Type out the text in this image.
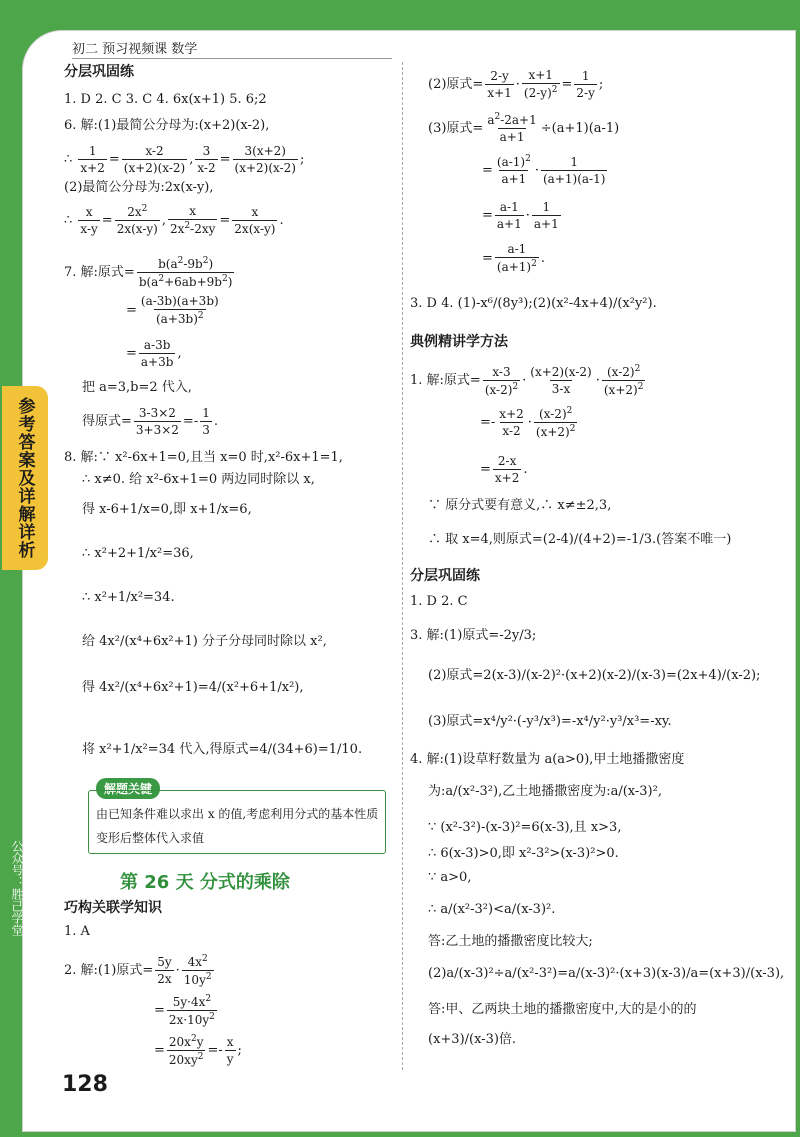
初二 预习视频课 数学
参考答案及详解详析
公众号：胜己学堂
128
分层巩固练
1. D 2. C 3. C 4. 6x(x+1) 5. 6;2
6. 解:(1)最简公分母为:(x+2)(x-2),
∴
1
x+2
=
x-2
(x+2)(x-2)
,
3
x-2
=
3(x+2)
(x+2)(x-2)
;
(2)最简公分母为:2x(x-y),
∴
x
x-y
=
$2x^2$
2x(x-y)
,
x
$2x^2-2xy$
=
x
2x(x-y)
.
7. 解:原式= $\frac{b(a^2-9b^2)}{b(a^2+6ab+9b^2)}$
=
(a-3b)(a+3b)
$(a+3b)^2$
=
a-3b
a+3b
,
把 a=3,b=2 代入,
得原式= $\frac{3-3\times 2}{3+3\times 2}$ =-
1
3
.
8. 解:∵ x²-6x+1=0,且当 x=0 时,x²-6x+1=1,
∴ x≠0. 给 x²-6x+1=0 两边同时除以 x,
得 x-6+1/x=0,即 x+1/x=6,
∴ x²+2+1/x²=36,
∴ x²+1/x²=34.
给 4x²/(x⁴+6x²+1) 分子分母同时除以 x²,
得 4x²/(x⁴+6x²+1)=4/(x²+6+1/x²),
将 x²+1/x²=34 代入,得原式=4/(34+6)=1/10.
巧构关联学知识
1. A
2. 解:(1)原式= $\frac{5y}{2x}$ ·
$4x^2$
$10y^2$
=
$5y\cdot 4x^2$
$2x\cdot 10y^2$
=
$20x^2y$
$20xy^2$ =-
x
y
;
解题关键
由已知条件难以求出 x 的值,考虑利用分式的基本性质变形后整体代入求值
第 26 天 分式的乘除
(2)原式= $\frac{2-y}{x+1}$ ·
x+1
$(2-y)^2$ =
1
2-y
;
(3)原式= $\frac{a^2-2a+1}{a+1} \div(a+1)(a-1)$
=
$(a-1)^2$
a+1
·
1
(a+1)(a-1)
=
a-1
a+1
·
1
a+1
=
a-1
$(a+1)^2$ .
3. D 4. (1)-x⁶/(8y³);(2)(x²-4x+4)/(x²y²).
典例精讲学方法
1. 解:原式= $\frac{x-3}{(x-2)^2}$ ·
(x+2)(x-2)
3-x
·
$(x-2)^2$
$(x+2)^2$
=-
x+2
x-2
·
$(x-2)^2$
$(x+2)^2$
=
2-x
x+2
.
∵ 原分式要有意义,∴ x≠±2,3,
∴ 取 x=4,则原式=(2-4)/(4+2)=-1/3.(答案不唯一)
分层巩固练
1. D 2. C
3. 解:(1)原式=-2y/3;
(2)原式=2(x-3)/(x-2)²·(x+2)(x-2)/(x-3)=(2x+4)/(x-2);
(3)原式=x⁴/y²·(-y³/x³)=-x⁴/y²·y³/x³=-xy.
4. 解:(1)设草籽数量为 a(a>0),甲土地播撒密度
为:a/(x²-3²),乙土地播撒密度为:a/(x-3)²,
∵ (x²-3²)-(x-3)²=6(x-3),且 x>3,
∴ 6(x-3)>0,即 x²-3²>(x-3)²>0.
∵ a>0,
∴ a/(x²-3²)<a/(x-3)².
答:乙土地的播撒密度比较大;
(2)a/(x-3)²÷a/(x²-3²)=a/(x-3)²·(x+3)(x-3)/a=(x+3)/(x-3),
答:甲、乙两块土地的播撒密度中,大的是小的的
(x+3)/(x-3)倍.
